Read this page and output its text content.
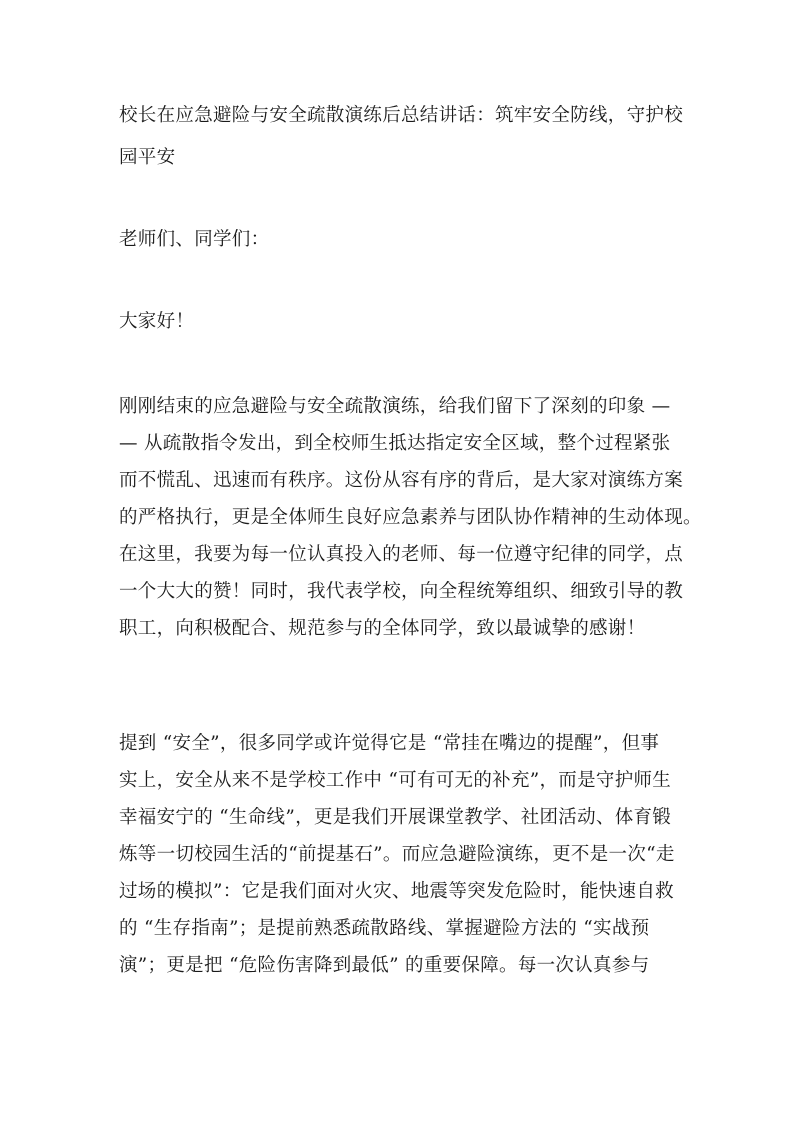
校长在应急避险与安全疏散演练后总结讲话：筑牢安全防线，守护校
园平安
老师们、同学们：
大家好！
刚刚结束的应急避险与安全疏散演练，给我们留下了深刻的印象 —
— 从疏散指令发出，到全校师生抵达指定安全区域，整个过程紧张
而不慌乱、迅速而有秩序。这份从容有序的背后，是大家对演练方案
的严格执行，更是全体师生良好应急素养与团队协作精神的生动体现。
在这里，我要为每一位认真投入的老师、每一位遵守纪律的同学，点
一个大大的赞！同时，我代表学校，向全程统筹组织、细致引导的教
职工，向积极配合、规范参与的全体同学，致以最诚挚的感谢！
提到 “安全”，很多同学或许觉得它是 “常挂在嘴边的提醒”，但事
实上，安全从来不是学校工作中 “可有可无的补充”，而是守护师生
幸福安宁的 “生命线”，更是我们开展课堂教学、社团活动、体育锻
炼等一切校园生活的“前提基石”。而应急避险演练，更不是一次“走
过场的模拟”：它是我们面对火灾、地震等突发危险时，能快速自救
的 “生存指南”；是提前熟悉疏散路线、掌握避险方法的 “实战预
演”；更是把 “危险伤害降到最低” 的重要保障。每一次认真参与
